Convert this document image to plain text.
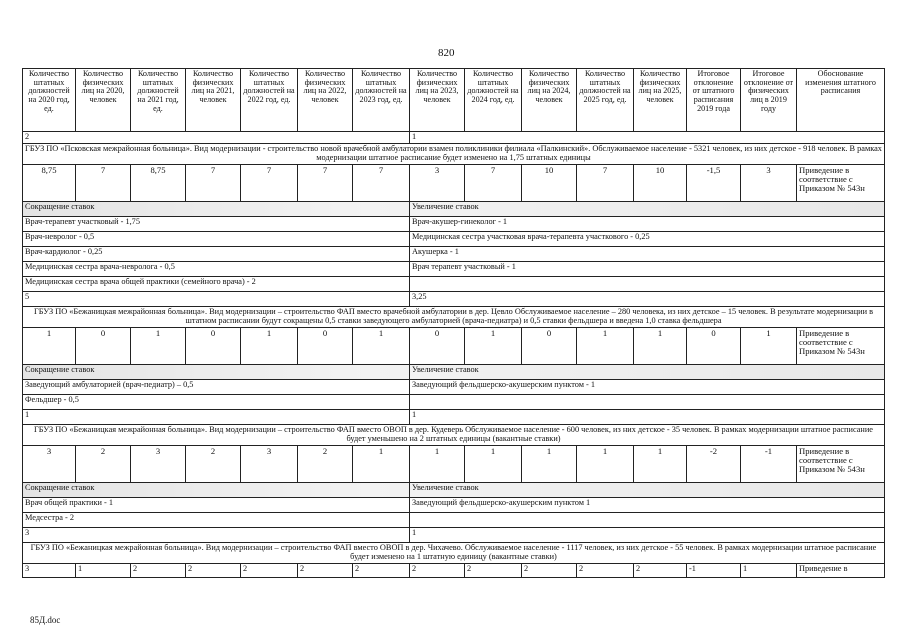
820
Количество штатных должностей на 2020 год, ед.	Количество физических лиц на 2020, человек	Количество штатных должностей на 2021 год, ед.	Количество физических лиц на 2021, человек	Количество штатных должностей на 2022 год, ед.	Количество физических лиц на 2022, человек	Количество штатных должностей на 2023 год, ед.	Количество физических лиц на 2023, человек	Количество штатных должностей на 2024 год, ед.	Количество физических лиц на 2024, человек	Количество штатных должностей на 2025 год, ед.	Количество физических лиц на 2025, человек	Итоговое отклонение от штатного расписания 2019 года	Итоговое отклонение от физических лиц в 2019 году	Обоснование изменения штатного расписания
2							1							
ГБУЗ ПО «Псковская межрайонная больница». Вид модернизации - строительство новой врачебной амбулатории взамен поликлиники филиала «Палкинский». Обслуживаемое население - 5321 человек, из них детское - 918 человек. В рамках модернизации штатное расписание будет изменено на 1,75 штатных единицы														
8,75	7	8,75	7	7	7	7	3	7	10	7	10	-1,5	3	Приведение в соответствие с Приказом № 543н
Сокращение ставок							Увеличение ставок							
Врач-терапевт участковый - 1,75							Врач-акушер-гинеколог - 1							
Врач-невролог - 0,5							Медицинская сестра участковая врача-терапевта участкового - 0,25							
Врач-кардиолог - 0,25							Акушерка - 1							
Медицинская сестра врача-невролога - 0,5							Врач терапевт участковый - 1							
Медицинская сестра врача общей практики (семейного врача) - 2														
5							3,25							
ГБУЗ ПО «Бежаницкая межрайонная больница». Вид модернизации – строительство ФАП вместо врачебной амбулатории в дер. Цевло Обслуживаемое население – 280 человека, из них детское – 15 человек. В результате модернизации в штатном расписании будут сокращены 0,5 ставки заведующего амбулаторией (врача-педиатра) и 0,5 ставки фельдшера и введена 1,0 ставка фельдшера														
1	0	1	0	1	0	1	0	1	0	1	1	0	1	Приведение в соответствие с Приказом № 543н
Сокращение ставок							Увеличение ставок							
Заведующий амбулаторией (врач-педиатр) – 0,5							Заведующий фельдшерско-акушерским пунктом - 1							
Фельдшер - 0,5														
1							1							
ГБУЗ ПО «Бежаницкая межрайонная больница». Вид модернизации – строительство ФАП вместо ОВОП в дер. Кудеверь Обслуживаемое население - 600 человек, из них детское - 35 человек. В рамках модернизации штатное расписание будет уменьшено на 2 штатных единицы (вакантные ставки)														
3	2	3	2	3	2	1	1	1	1	1	1	-2	-1	Приведение в соответствие с Приказом № 543н
Сокращение ставок							Увеличение ставок							
Врач общей практики - 1							Заведующий фельдшерско-акушерским пунктом 1							
Медсестра - 2														
3							1							
ГБУЗ ПО «Бежаницкая межрайонная больница». Вид модернизации – строительство ФАП вместо ОВОП в дер. Чихачево. Обслуживаемое население - 1117 человек, из них детское - 55 человек. В рамках модернизации штатное расписание будет изменено на 1 штатную единицу (вакантные ставки)														
3	1	2	2	2	2	2	2	2	2	2	2	-1	1	Приведение в
85Д.doc
